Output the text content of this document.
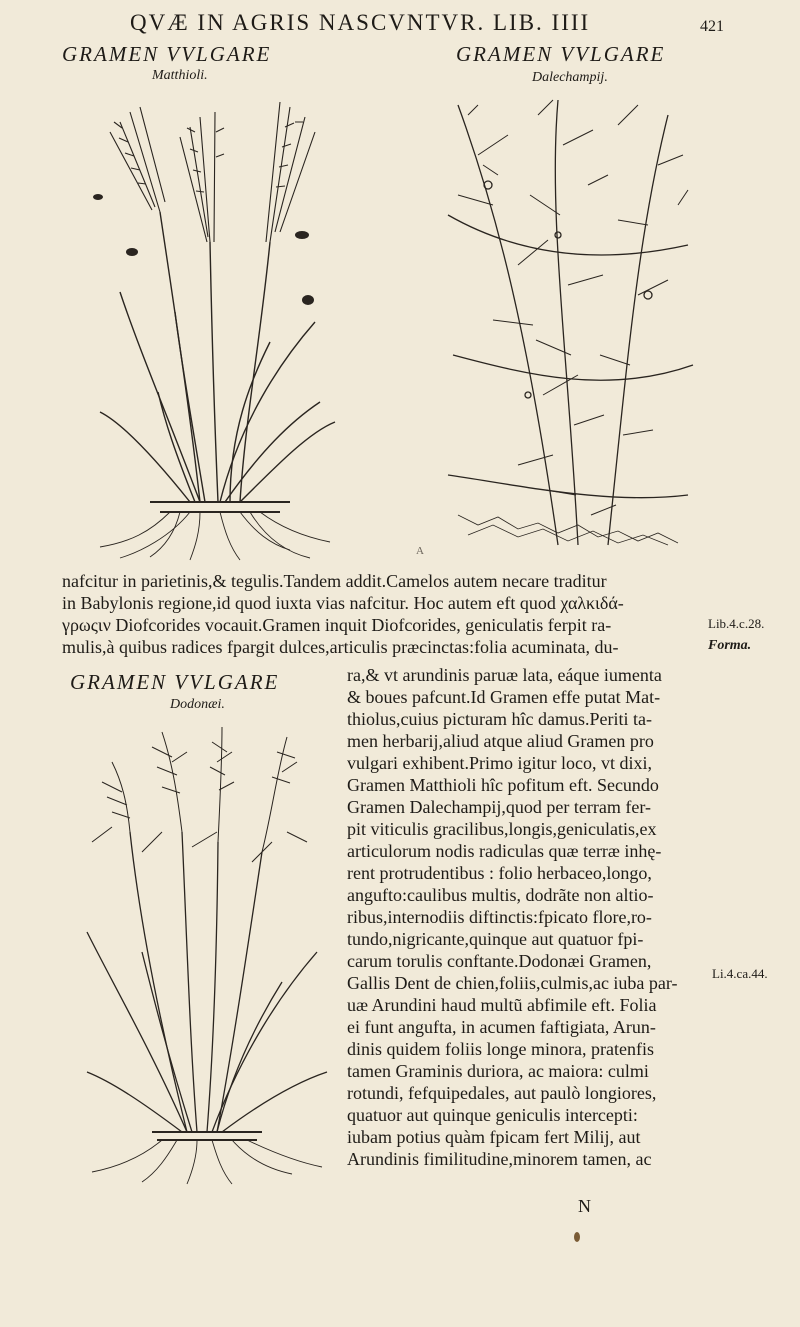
QVÆ IN AGRIS NASCVNTVR. LIB. IIII	421
GRAMEN VVLGARE
Matthioli.
GRAMEN VVLGARE
Dalechampij.
A
nafcitur in parietinis,& tegulis.Tandem addit.Camelos autem necare traditur
in Babylonis regione,id quod iuxta vias nafcitur. Hoc autem eft quod χαλκιδά-
γρωςιν Diofcorides vocauit.Gramen inquit Diofcorides, geniculatis ferpit ra-
mulis,à quibus radices fpargit dulces,articulis præcinctas:folia acuminata, du-
Lib.4.c.28.
Forma.
Li.4.ca.44.
GRAMEN VVLGARE
Dodonæi.
ra,& vt arundinis paruæ lata, eáque iumenta
& boues pafcunt.Id Gramen effe putat Mat-
thiolus,cuius picturam hîc damus.Periti ta-
men herbarij,aliud atque aliud Gramen pro
vulgari exhibent.Primo igitur loco, vt dixi,
Gramen Matthioli hîc pofitum eft. Secundo
Gramen Dalechampij,quod per terram fer-
pit viticulis gracilibus,longis,geniculatis,ex
articulorum nodis radiculas quæ terræ inhę-
rent protrudentibus : folio herbaceo,longo,
angufto:caulibus multis, dodrãte non altio-
ribus,internodiis diftinctis:fpicato flore,ro-
tundo,nigricante,quinque aut quatuor fpi-
carum torulis conftante.Dodonæi Gramen,
Gallis Dent de chien,foliis,culmis,ac iuba par-
uæ Arundini haud multũ abfimile eft. Folia
ei funt angufta, in acumen faftigiata, Arun-
dinis quidem foliis longe minora, pratenfis
tamen Graminis duriora, ac maiora: culmi
rotundi, fefquipedales, aut paulò longiores,
quatuor aut quinque geniculis intercepti:
iubam potius quàm fpicam fert Milij, aut
Arundinis fimilitudine,minorem tamen, ac
N
